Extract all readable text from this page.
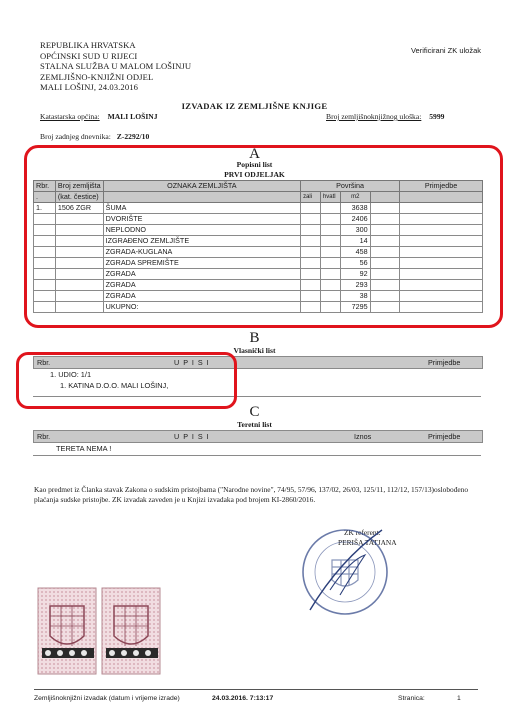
REPUBLIKA HRVATSKA
OPĆINSKI SUD U RIJECI
STALNA SLUŽBA U MALOM LOŠINJU
ZEMLJIŠNO-KNJIŽNI ODJEL
MALI LOŠINJ, 24.03.2016
Verificirani ZK uložak
IZVADAK IZ ZEMLJIŠNE KNJIGE
Katastarska općina: MALI LOŠINJ	Broj zemljišnoknjižnog uloška: 5999
Broj zadnjeg dnevnika: Z-2292/10
A
Popisni list
PRVI ODJELJAK
Rbr.	Broj zemljišta	OZNAKA ZEMLJIŠTA	Površina				Primjedbe
.	(kat. čestice)		zali	hvatl	m2		
1.	1506 ZGR	ŠUMA			3638		
		DVORIŠTE			2406		
		NEPLODNO			300		
		IZGRAĐENO ZEMLJIŠTE			14		
		ZGRADA-KUGLANA			458		
		ZGRADA SPREMIŠTE			56		
		ZGRADA			92		
		ZGRADA			293		
		ZGRADA			38		
		UKUPNO:			7295		
B
Vlasnički list
Rbr.	U P I S I	Primjedbe
1. UDIO: 1/1
1. KATINA D.O.O. MALI LOŠINJ,
C
Teretni list
Rbr.	U P I S I	Iznos	Primjedbe
TERETA NEMA !
Kao predmet iz Članka stavak Zakona o sudskim pristojbama ("Narodne novine", 74/95, 57/96, 137/02, 26/03, 125/11, 112/12, 157/13)oslobođeno plaćanja sudske pristojbe. ZK izvadak zaveden je u Knjizi izvadaka pod brojem KI-2860/2016.
ZK referent:
PERIŠA TATJANA
Zemljišnoknjižni izvadak (datum i vrijeme izrade)	24.03.2016. 7:13:17	Stranica:	1
